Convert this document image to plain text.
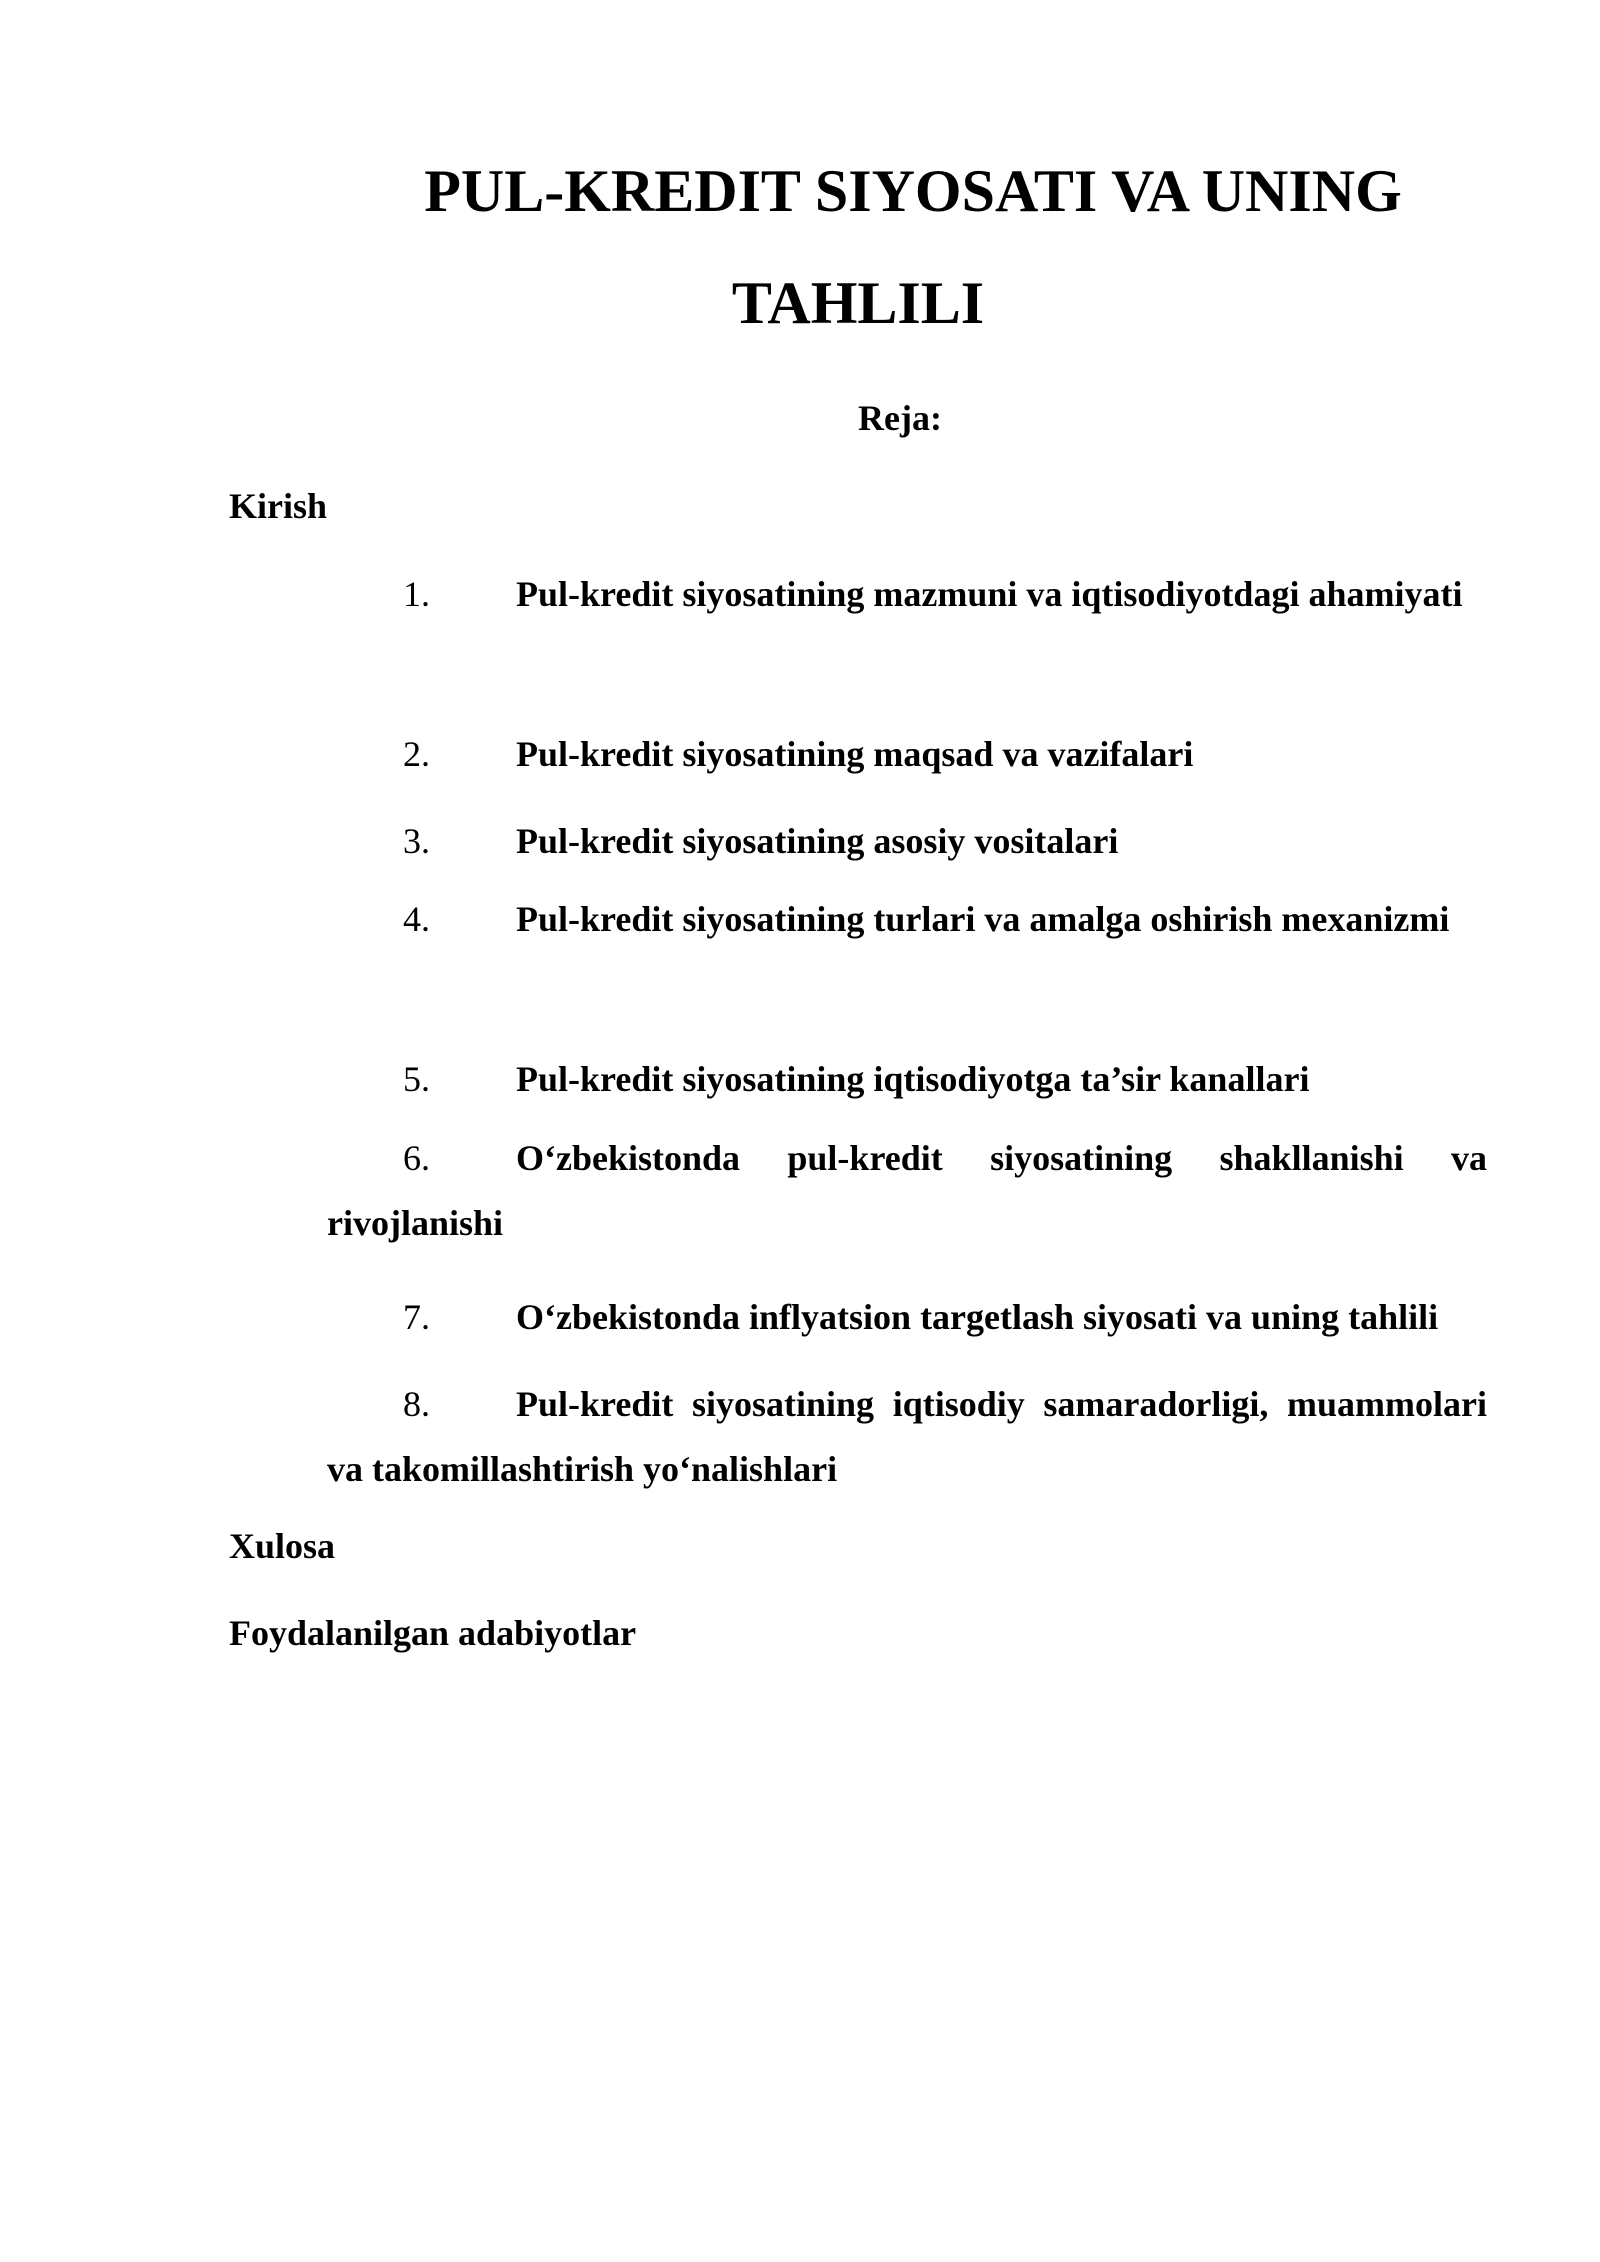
PUL-KREDIT SIYOSATI VA UNING
TAHLILI
Reja:
Kirish
1.	Pul-kredit siyosatining mazmuni va iqtisodiyotdagi ahamiyati
2.	Pul-kredit siyosatining maqsad va vazifalari
3.	Pul-kredit siyosatining asosiy vositalari
4.	Pul-kredit siyosatining turlari va amalga oshirish mexanizmi
5.	Pul-kredit siyosatining iqtisodiyotga ta’sir kanallari
6.	O‘zbekistonda pul-kredit siyosatining shakllanishi va rivojlanishi
7.	O‘zbekistonda inflyatsion targetlash siyosati va uning tahlili
8.	Pul-kredit siyosatining iqtisodiy samaradorligi, muammolari va takomillashtirish yo‘nalishlari
Xulosa
Foydalanilgan adabiyotlar
